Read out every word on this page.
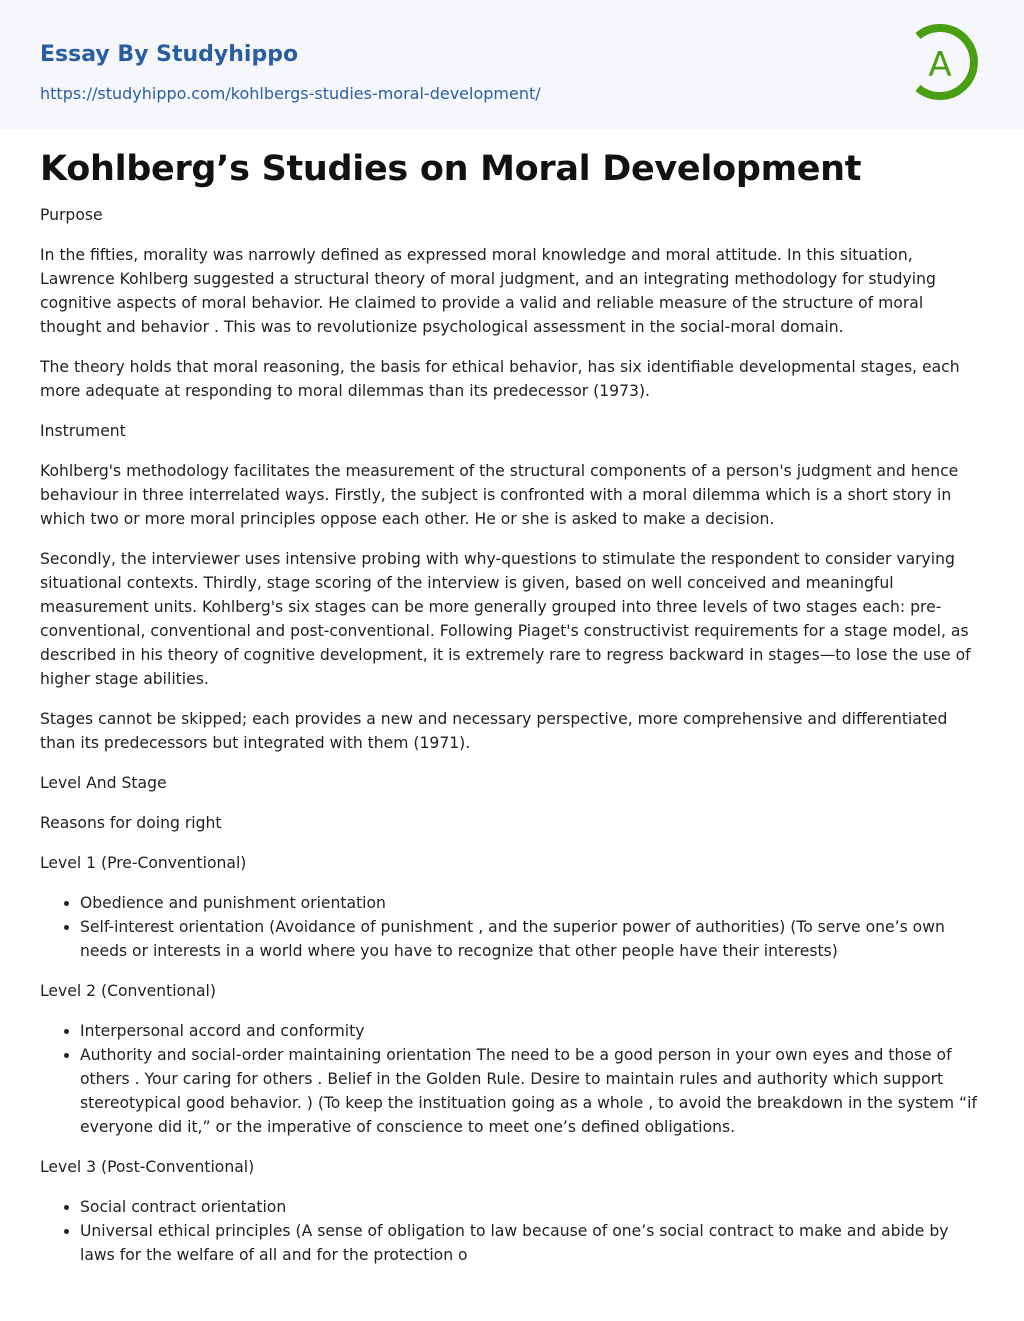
Essay By Studyhippo
https://studyhippo.com/kohlbergs-studies-moral-development/
A
Kohlberg’s Studies on Moral Development

Purpose

In the fifties, morality was narrowly defined as expressed moral knowledge and moral attitude. In this situation, Lawrence Kohlberg suggested a structural theory of moral judgment, and an integrating methodology for studying cognitive aspects of moral behavior. He claimed to provide a valid and reliable measure of the structure of moral thought and behavior . This was to revolutionize psychological assessment in the social-moral domain.

The theory holds that moral reasoning, the basis for ethical behavior, has six identifiable developmental stages, each more adequate at responding to moral dilemmas than its predecessor (1973).

Instrument

Kohlberg's methodology facilitates the measurement of the structural components of a person's judgment and hence behaviour in three interrelated ways. Firstly, the subject is confronted with a moral dilemma which is a short story in which two or more moral principles oppose each other. He or she is asked to make a decision.

Secondly, the interviewer uses intensive probing with why-questions to stimulate the respondent to consider varying situational contexts. Thirdly, stage scoring of the interview is given, based on well conceived and meaningful measurement units. Kohlberg's six stages can be more generally grouped into three levels of two stages each: pre-conventional, conventional and post-conventional. Following Piaget's constructivist requirements for a stage model, as described in his theory of cognitive development, it is extremely rare to regress backward in stages—to lose the use of higher stage abilities.

Stages cannot be skipped; each provides a new and necessary perspective, more comprehensive and differentiated than its predecessors but integrated with them (1971).

Level And Stage

Reasons for doing right

Level 1 (Pre-Conventional)

• Obedience and punishment orientation
• Self-interest orientation (Avoidance of punishment , and the superior power of authorities) (To serve one’s own needs or interests in a world where you have to recognize that other people have their interests)

Level 2 (Conventional)

• Interpersonal accord and conformity
• Authority and social-order maintaining orientation The need to be a good person in your own eyes and those of others . Your caring for others . Belief in the Golden Rule. Desire to maintain rules and authority which support stereotypical good behavior. ) (To keep the instituation going as a whole , to avoid the breakdown in the system “if everyone did it,” or the imperative of conscience to meet one’s defined obligations.

Level 3 (Post-Conventional)

• Social contract orientation
• Universal ethical principles (A sense of obligation to law because of one’s social contract to make and abide by laws for the welfare of all and for the protection o
